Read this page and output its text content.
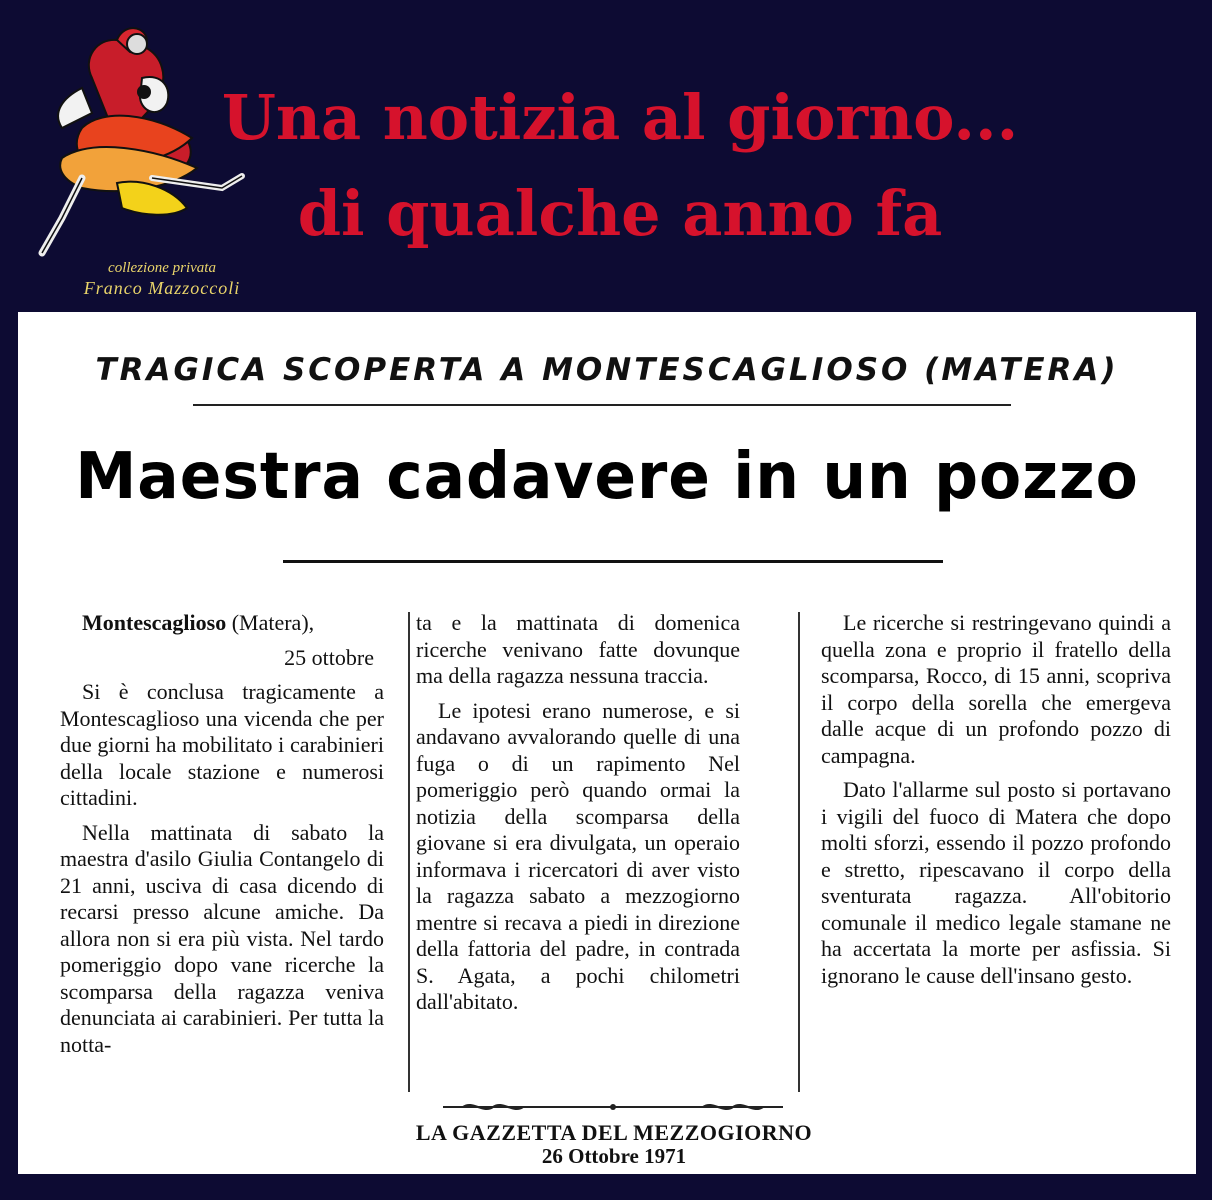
collezione privata
Franco Mazzoccoli
Una notizia al giorno...
di qualche anno fa
TRAGICA SCOPERTA A MONTESCAGLIOSO (MATERA)
Maestra cadavere in un pozzo

Montescaglioso (Matera),

25 ottobre

Si è conclusa tragicamente a Montescaglioso una vicenda che per due giorni ha mobilitato i carabinieri della locale stazione e numerosi cittadini.

Nella mattinata di sabato la maestra d'asilo Giulia Contangelo di 21 anni, usciva di casa dicendo di recarsi presso alcune amiche. Da allora non si era più vista. Nel tardo pomeriggio dopo vane ricerche la scomparsa della ragazza veniva denunciata ai carabinieri. Per tutta la notta-

ta e la mattinata di domenica ricerche venivano fatte dovunque ma della ragazza nessuna traccia.

Le ipotesi erano numerose, e si andavano avvalorando quelle di una fuga o di un rapimento Nel pomeriggio però quando ormai la notizia della scomparsa della giovane si era divulgata, un operaio informava i ricercatori di aver visto la ragazza sabato a mezzogiorno mentre si recava a piedi in direzione della fattoria del padre, in contrada S. Agata, a pochi chilometri dall'abitato.

Le ricerche si restringevano quindi a quella zona e proprio il fratello della scomparsa, Rocco, di 15 anni, scopriva il corpo della sorella che emergeva dalle acque di un profondo pozzo di campagna.

Dato l'allarme sul posto si portavano i vigili del fuoco di Matera che dopo molti sforzi, essendo il pozzo profondo e stretto, ripescavano il corpo della sventurata ragazza. All'obitorio comunale il medico legale stamane ne ha accertata la morte per asfissia. Si ignorano le cause dell'insano gesto.

LA GAZZETTA DEL MEZZOGIORNO
26 Ottobre 1971
